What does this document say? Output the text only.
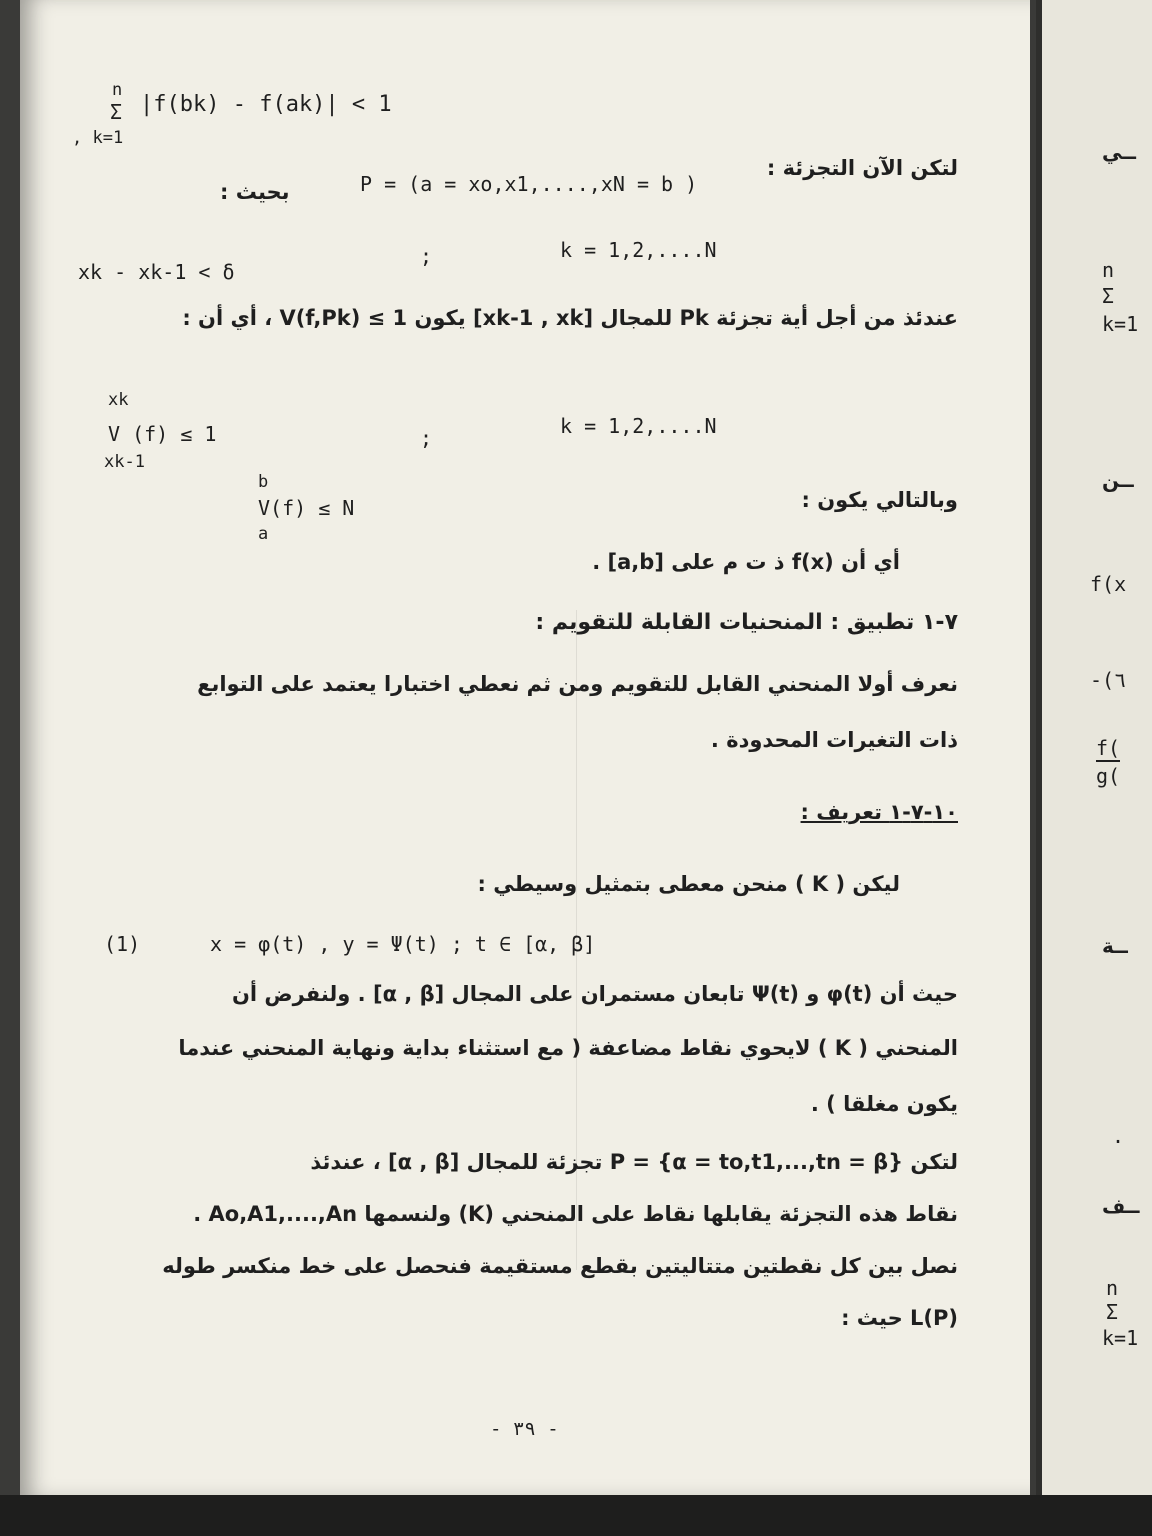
n
Σ
, k=1
|f(bk) - f(ak)| < 1
لتكن الآن التجزئة :
P = (a = xo,x1,....,xN = b )
بحيث :
k = 1,2,....N
;
xk - xk-1 < δ
عندئذ من أجل أية تجزئة Pk للمجال [xk-1 , xk] يكون V(f,Pk) ≤ 1 ، أي أن :
xk
V (f) ≤ 1
xk-1
;	k = 1,2,....N
وبالتالي يكون :
b
V(f) ≤ N
a
أي أن f(x) ذ ت م على [a,b] .
٧-١ تطبيق : المنحنيات القابلة للتقويم :
نعرف أولا المنحني القابل للتقويم ومن ثم نعطي اختبارا يعتمد على التوابع
ذات التغيرات المحدودة .
١٠-٧-١ تعريف :
ليكن ( K ) منحن معطى بتمثيل وسيطي :
(1)	x = φ(t) , y = Ψ(t) ; t ∈ [α, β]
حيث أن φ(t) و Ψ(t) تابعان مستمران على المجال [α , β] . ولنفرض أن
المنحني ( K ) لايحوي نقاط مضاعفة ( مع استثناء بداية ونهاية المنحني عندما
يكون مغلقا ) .
لتكن P = {α = to,t1,...,tn = β} تجزئة للمجال [α , β] ، عندئذ
نقاط هذه التجزئة يقابلها نقاط على المنحني (K) ولنسمها Ao,A1,....,An .
نصل بين كل نقطتين متتاليتين بقطع مستقيمة فنحصل على خط منكسر طوله
L(P) حيث :
- ٣٩ -
ــي
n
Σ
k=1
ــن
f(x
-(٦
f(
g(
ــة
.
ــف
n
Σ
k=1
